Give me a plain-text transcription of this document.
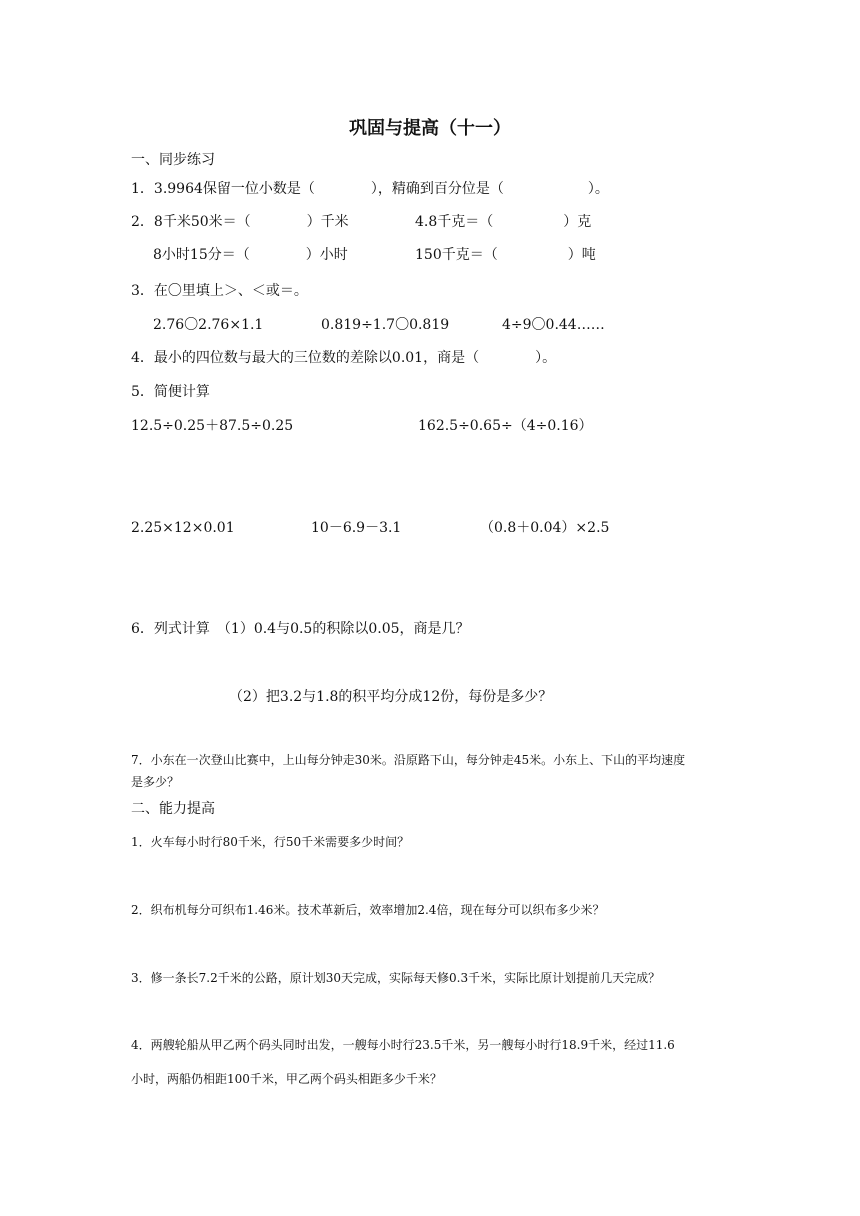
巩固与提高（十一）
一、同步练习
1．3.9964保留一位小数是（　　　　），精确到百分位是（　　　　　　）。
2．8千米50米＝（　　　　）千米	4.8千克＝（　　　　　）克
8小时15分＝（　　　　）小时	150千克＝（　　　　　）吨
3．在〇里填上＞、＜或＝。
2.76〇2.76×1.1	0.819÷1.7〇0.819	4÷9〇0.44……
4．最小的四位数与最大的三位数的差除以0.01，商是（　　　　）。
5．简便计算
12.5÷0.25＋87.5÷0.25	162.5÷0.65÷（4÷0.16）
2.25×12×0.01	10－6.9－3.1	（0.8＋0.04）×2.5
6．列式计算　（1）0.4与0.5的积除以0.05，商是几？
（2）把3.2与1.8的积平均分成12份，每份是多少？
7．小东在一次登山比赛中，上山每分钟走30米。沿原路下山，每分钟走45米。小东上、下山的平均速度
是多少？
二、能力提高
1．火车每小时行80千米，行50千米需要多少时间？
2．织布机每分可织布1.46米。技术革新后，效率增加2.4倍，现在每分可以织布多少米？
3．修一条长7.2千米的公路，原计划30天完成，实际每天修0.3千米，实际比原计划提前几天完成？
4．两艘轮船从甲乙两个码头同时出发，一艘每小时行23.5千米，另一艘每小时行18.9千米，经过11.6
小时，两船仍相距100千米，甲乙两个码头相距多少千米？
